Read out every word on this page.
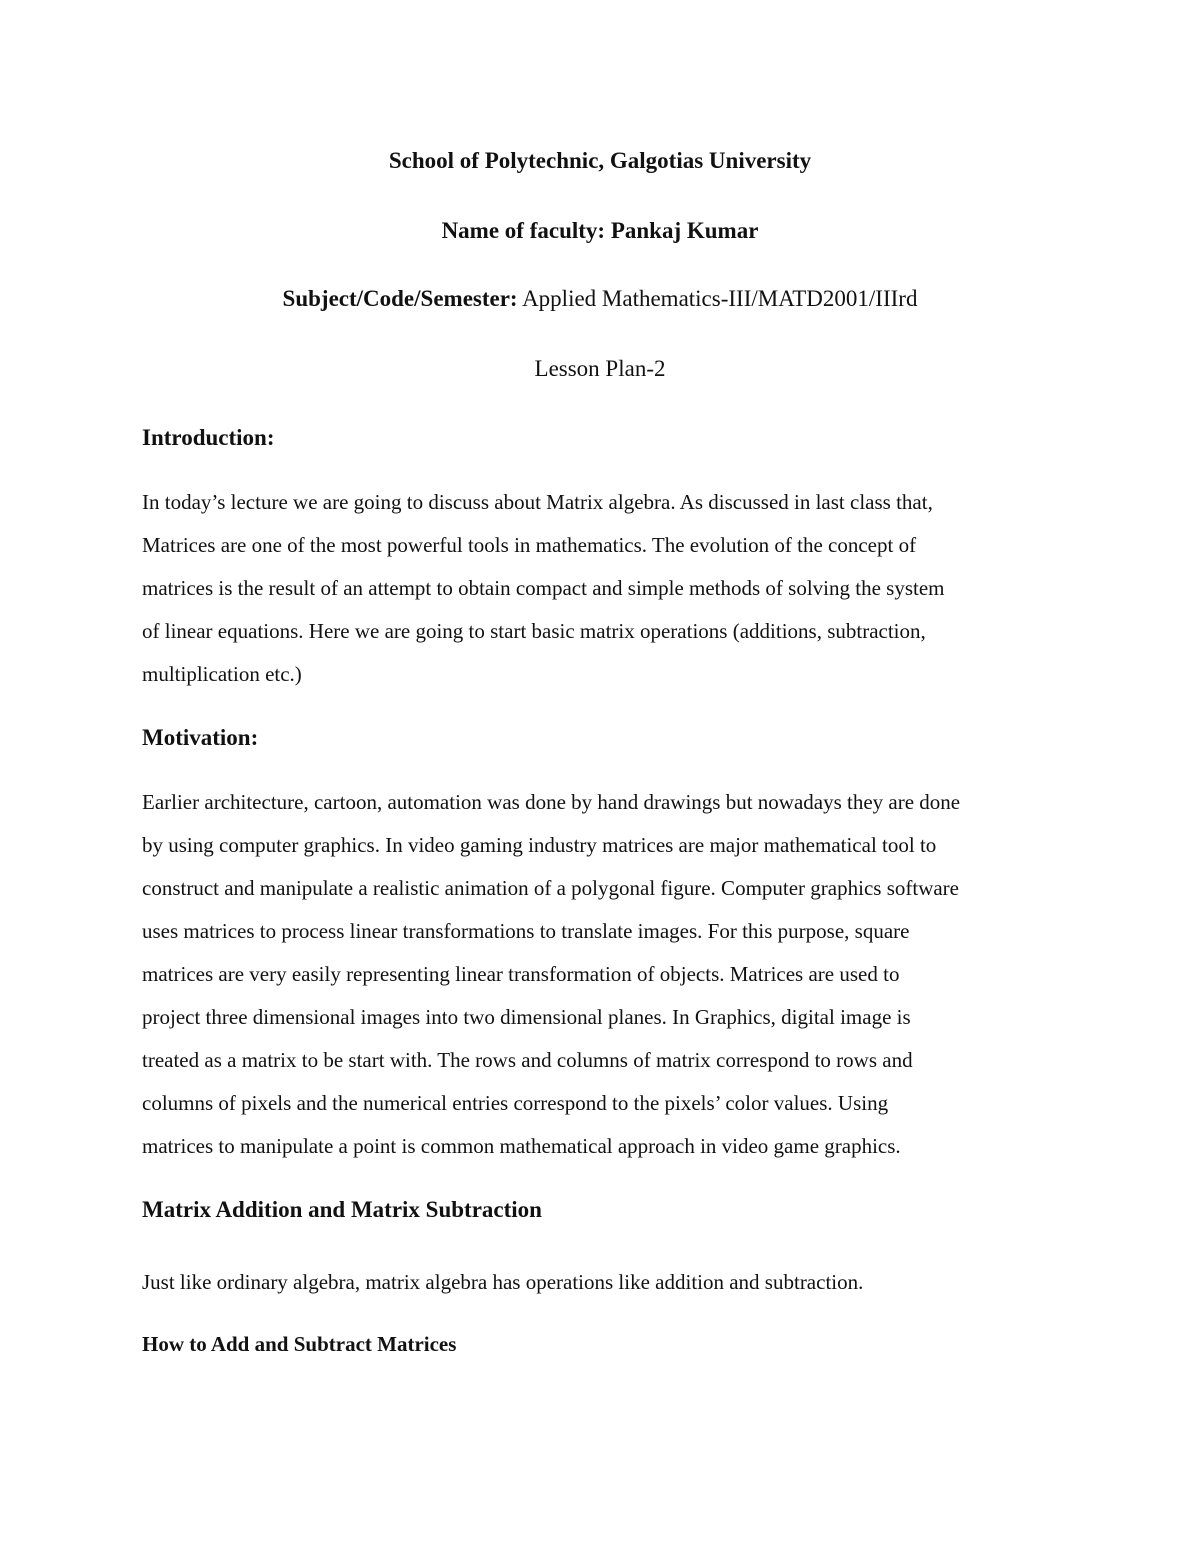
School of Polytechnic, Galgotias University
Name of faculty: Pankaj Kumar
Subject/Code/Semester: Applied Mathematics-III/MATD2001/IIIrd
Lesson Plan-2
Introduction:
In today’s lecture we are going to discuss about Matrix algebra. As discussed in last class that,
Matrices are one of the most powerful tools in mathematics. The evolution of the concept of
matrices is the result of an attempt to obtain compact and simple methods of solving the system
of linear equations. Here we are going to start basic matrix operations (additions, subtraction,
multiplication etc.)
Motivation:
Earlier architecture, cartoon, automation was done by hand drawings but nowadays they are done
by using computer graphics. In video gaming industry matrices are major mathematical tool to
construct and manipulate a realistic animation of a polygonal figure. Computer graphics software
uses matrices to process linear transformations to translate images. For this purpose, square
matrices are very easily representing linear transformation of objects. Matrices are used to
project three dimensional images into two dimensional planes. In Graphics, digital image is
treated as a matrix to be start with. The rows and columns of matrix correspond to rows and
columns of pixels and the numerical entries correspond to the pixels’ color values. Using
matrices to manipulate a point is common mathematical approach in video game graphics.
Matrix Addition and Matrix Subtraction
Just like ordinary algebra, matrix algebra has operations like addition and subtraction.
How to Add and Subtract Matrices
